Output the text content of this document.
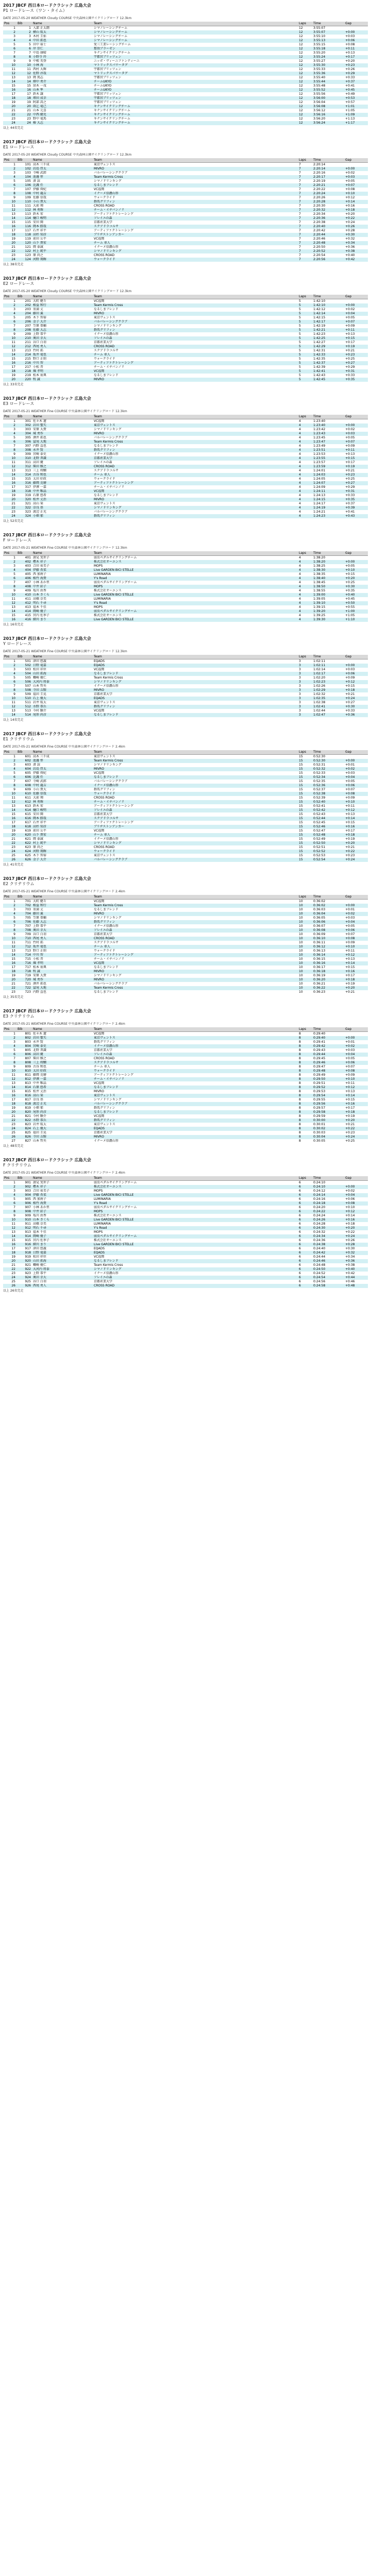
2017 JBCF 西日本ロードクラシック 広島大会
P1 ロードレース（ワン・タイム）
DATE 2017-05-20 WEATHER Cloudy COURSE 中央森林公園サイクリングロード 12.3km
Pos	Bib	Name	Team	Laps	Time	Gap
1	1	入部 正太朗	シマノレーシングチーム	12	3:55:07	
2	2	横山 航太	シマノレーシングチーム	12	3:55:07	+0:00
3	3	木村 圭佑	シマノレーシングチーム	12	3:55:10	+0:03
4	4	中田 拓也	シマノレーシングチーム	12	3:55:13	+0:06
5	5	田中 裕士	愛三工業レーシングチーム	12	3:55:15	+0:08
6	6	岸 崇仁	那須ブラーゼン	12	3:55:18	+0:11
7	7	中島 康晴	キナンサイクリングチーム	12	3:55:20	+0:13
8	8	小野寺 玲	宇都宮ブリッツェン	12	3:55:24	+0:17
9	9	中根 英登	ニッポ・ヴィーニファンティーニ	12	3:55:27	+0:20
10	10	小林 海	マトリックスパワータグ	12	3:55:30	+0:23
11	11	西村 大輝	宇都宮ブリッツェン	12	3:55:33	+0:26
12	12	佐野 淳哉	マトリックスパワータグ	12	3:55:36	+0:29
13	13	岡 篤志	宇都宮ブリッツェン	12	3:55:40	+0:33
14	14	畑中 勇介	チームUKYO	12	3:55:44	+0:37
15	15	窪木 一茂	チームUKYO	12	3:55:48	+0:41
16	16	山本 隼	チームUKYO	12	3:55:52	+0:45
17	17	鈴木 譲	宇都宮ブリッツェン	12	3:55:56	+0:49
18	18	増田 成幸	宇都宮ブリッツェン	12	3:56:00	+0:53
19	19	阿部 嵩之	宇都宮ブリッツェン	12	3:56:04	+0:57
20	20	雨乞 竜己	キナンサイクリングチーム	12	3:56:08	+1:01
21	21	山本 元喜	キナンサイクリングチーム	12	3:56:12	+1:05
22	22	中西 健児	キナンサイクリングチーム	12	3:56:16	+1:09
23	23	野中 竜馬	キナンサイクリングチーム	12	3:56:20	+1:13
24	24	椿 大志	キナンサイクリングチーム	12	3:56:24	+1:17
以上 44名完走
2017 JBCF 西日本ロードクラシック 広島大会
E1 ロードレース
DATE 2017-05-20 WEATHER Cloudy COURSE 中央森林公園サイクリングロード 12.3km
Pos	Bib	Name	Team	Laps	Time	Gap
1	101	高木 三千成	東京ヴェントス	7	2:20:14	
2	102	岩島 啓太	MIVRO	7	2:20:14	+0:00
3	103	寺崎 武郎	バルバレーシングクラブ	7	2:20:16	+0:02
4	104	池邊 惇	Team Kermis Cross	7	2:20:17	+0:03
5	105	湊 諒	シマノドリンキング	7	2:20:19	+0:05
6	106	比護 任	なるしまフレンド	7	2:20:21	+0:07
7	107	伊藤 舜紀	VC福岡	7	2:20:22	+0:08
8	108	中村 龍吉	イナーメ信濃山形	7	2:20:24	+0:10
9	109	佐藤 信哉	ウォークライド	7	2:20:26	+0:12
10	110	小山 貴大	群馬グリフィン	7	2:20:28	+0:14
11	111	大前 翔	CROSS ROAD	7	2:20:30	+0:16
12	112	林 勇輝	チーム・イチバンノリ	7	2:20:32	+0:18
13	113	鈴木 宏	アーティファクトレーシング	7	2:20:34	+0:20
14	114	樋口 峻明	ソレイユの森	7	2:20:36	+0:22
15	115	安田 開	京都産業大学	7	2:20:38	+0:24
16	116	岡本 勝哉	スクアドラコルサ	7	2:20:40	+0:26
17	117	石井 祥平	アーティファクトレーシング	7	2:20:42	+0:28
18	118	高杉 知彦	ブリヂストンアンカー	7	2:20:44	+0:30
19	119	前田 公平	VC福岡	7	2:20:46	+0:32
20	120	山下 貴宏	チーム 車人	7	2:20:48	+0:34
21	121	岡 泰誠	イナーメ信濃山形	7	2:20:50	+0:36
22	122	村上 純平	シマノドリンキング	7	2:20:52	+0:38
23	123	原 尚之	CROSS ROAD	7	2:20:54	+0:40
24	124	河野 翔輝	ウォークライド	7	2:20:56	+0:42
以上 38名完走
2017 JBCF 西日本ロードクラシック 広島大会
E2 ロードレース
DATE 2017-05-20 WEATHER Cloudy COURSE 中央森林公園サイクリングロード 12.3km
Pos	Bib	Name	Team	Laps	Time	Gap
1	201	大町 健斗	VC福岡	5	1:42:10	
2	202	植益 和行	Team Kermis Cross	5	1:42:10	+0:00
3	203	重満 丈	なるしまフレンド	5	1:42:12	+0:02
4	204	藤田 翼	MIVRO	5	1:42:14	+0:04
5	205	木下 智裕	東京ヴェントス	5	1:42:15	+0:05
6	206	金子 大介	バルバレーシングクラブ	5	1:42:17	+0:07
7	207	笠原 恭輔	シマノドリンキング	5	1:42:19	+0:09
8	208	佐藤 大志	群馬グリフィン	5	1:42:21	+0:11
9	209	上野 恭平	イナーメ信濃山形	5	1:42:23	+0:13
10	210	奥田 幸大	ソレイユの森	5	1:42:25	+0:15
11	211	谷口 白羽	京都産業大学	5	1:42:27	+0:17
12	212	西尾 勇人	CROSS ROAD	5	1:42:29	+0:19
13	213	竹村 拓	スクアドラコルサ	5	1:42:31	+0:21
14	214	坂井 竜也	チーム 車人	5	1:42:33	+0:23
15	215	野口 正則	ウォークライド	5	1:42:35	+0:25
16	216	中川 智	アーティファクトレーシング	5	1:42:37	+0:27
17	217	小松 晋	チーム・イチバンノリ	5	1:42:39	+0:29
18	218	堀 孝明	VC福岡	5	1:42:41	+0:31
19	219	松本 祐典	なるしまフレンド	5	1:42:43	+0:33
20	220	牧 誠	MIVRO	5	1:42:45	+0:35
以上 33名完走
2017 JBCF 西日本ロードクラシック 広島大会
E3 ロードレース
DATE 2017-05-21 WEATHER Fine COURSE 中央森林公園サイクリングロード 12.3km
Pos	Bib	Name	Team	Laps	Time	Gap
1	301	佐々木 遼	VC福岡	4	1:23:40	
2	302	岩田 聖矢	東京ヴェントス	4	1:23:40	+0:00
3	303	安原 大貴	シマノドリンキング	4	1:23:42	+0:02
4	304	城 勇作	MIVRO	4	1:23:43	+0:03
5	305	酒井 拓也	バルバレーシングクラブ	4	1:23:45	+0:05
6	306	冨尾 大地	Team Kermis Cross	4	1:23:47	+0:07
7	307	内野 直也	なるしまフレンド	4	1:23:49	+0:09
8	308	永井 賢	群馬グリフィン	4	1:23:51	+0:11
9	309	宮崎 泰史	イナーメ信濃山形	4	1:23:53	+0:13
10	310	北野 普識	京都産業大学	4	1:23:55	+0:15
11	311	高田 慶	ソレイユの森	4	1:23:57	+0:17
12	312	柴田 雅之	CROSS ROAD	4	1:23:59	+0:19
13	313	三上 将醐	スクアドラコルサ	4	1:24:01	+0:21
14	314	古谷 和也	チーム 車人	4	1:24:03	+0:23
15	315	太田 好政	ウォークライド	4	1:24:05	+0:25
16	316	藤岡 克磨	アーティファクトレーシング	4	1:24:07	+0:27
17	317	伊澤 一嘉	チーム・イチバンノリ	4	1:24:09	+0:29
18	318	中井 唯晶	VC福岡	4	1:24:11	+0:31
19	319	石原 悠希	なるしまフレンド	4	1:24:13	+0:33
20	320	松井 丈治	MIVRO	4	1:24:15	+0:35
21	321	高山 栞	東京ヴェントス	4	1:24:17	+0:37
22	322	奈良 基	シマノドリンキング	4	1:24:19	+0:39
23	323	渡辺 正光	バルバレーシングクラブ	4	1:24:21	+0:41
24	324	小畑 郁	群馬グリフィン	4	1:24:23	+0:43
以上 52名完走
2017 JBCF 西日本ロードクラシック 広島大会
F ロードレース
DATE 2017-05-21 WEATHER Fine COURSE 中央森林公園サイクリングロード 12.3km
Pos	Bib	Name	Team	Laps	Time	Gap
1	401	唐見 実世子	弱虫ペダルサイクリングチーム	4	1:38:20	
2	402	樫木 祥子	株式会社オーエンス	4	1:38:20	+0:00
3	403	合田 祐美子	MOPS	4	1:38:25	+0:05
4	404	伊藤 杏菜	Live GARDEN BICI STELLE	4	1:38:30	+0:10
5	405	西 加南子	LUMINARIA	4	1:38:35	+0:15
6	406	植竹 海貴	Y's Road	4	1:38:40	+0:20
7	407	小林 あか里	弱虫ペダルサイクリングチーム	4	1:38:45	+0:25
8	408	中井 彩子	MOPS	4	1:38:50	+0:30
9	409	塩川 由香	株式会社オーエンス	4	1:38:55	+0:35
10	410	山本 さくら	Live GARDEN BICI STELLE	4	1:39:00	+0:40
11	411	高橋 奈美	LUMINARIA	4	1:39:05	+0:45
12	412	明石 千尋	Y's Road	4	1:39:10	+0:50
13	413	福本 千佳	MOPS	4	1:39:15	+0:55
14	414	岡崎 優子	弱虫ペダルサイクリングチーム	4	1:39:20	+1:00
15	415	宮内 佐季子	株式会社オーエンス	4	1:39:25	+1:05
16	416	細川 まり	Live GARDEN BICI STELLE	4	1:39:30	+1:10
以上 16名完走
2017 JBCF 西日本ロードクラシック 広島大会
Y ロードレース
DATE 2017-05-21 WEATHER Fine COURSE 中央森林公園サイクリングロード 12.3km
Pos	Bib	Name	Team	Laps	Time	Gap
1	501	津田 悠義	EQADS	3	1:02:11	
2	502	日野 竜嘉	EQADS	3	1:02:11	+0:00
3	503	松田 祥位	VC福岡	3	1:02:14	+0:03
4	504	山田 拓海	なるしまフレンド	3	1:02:17	+0:06
5	505	蠣崎 優仁	Team Kermis Cross	3	1:02:20	+0:09
6	506	大河内 将泰	シマノドリンキング	3	1:02:23	+0:12
7	507	山本 哲央	イナーメ信濃山形	3	1:02:26	+0:15
8	508	寺田 吉騎	MIVRO	3	1:02:29	+0:18
9	509	福田 圭晃	京都産業大学	3	1:02:32	+0:21
10	510	石上 優大	EQADS	3	1:02:35	+0:24
11	511	岩井 航太	東京ヴェントス	3	1:02:38	+0:27
12	512	水野 恭兵	群馬グリフィン	3	1:02:41	+0:30
13	513	今村 駿介	VC福岡	3	1:02:44	+0:33
14	514	尾形 尚彦	なるしまフレンド	3	1:02:47	+0:36
以上 14名完走
2017 JBCF 西日本ロードクラシック 広島大会
E1 クリテリウム
DATE 2017-05-21 WEATHER Fine COURSE 中央森林公園サイクリングロード 2.4km
Pos	Bib	Name	Team	Laps	Time	Gap
1	601	高木 三千成	東京ヴェントス	15	0:52:30	
2	602	池邊 惇	Team Kermis Cross	15	0:52:30	+0:00
3	603	湊 諒	シマノドリンキング	15	0:52:31	+0:01
4	604	岩島 啓太	MIVRO	15	0:52:32	+0:02
5	605	伊藤 舜紀	VC福岡	15	0:52:33	+0:03
6	606	比護 任	なるしまフレンド	15	0:52:34	+0:04
7	607	寺崎 武郎	バルバレーシングクラブ	15	0:52:35	+0:05
8	608	中村 龍吉	イナーメ信濃山形	15	0:52:36	+0:06
9	609	小山 貴大	群馬グリフィン	15	0:52:37	+0:07
10	610	佐藤 信哉	ウォークライド	15	0:52:38	+0:08
11	611	大前 翔	CROSS ROAD	15	0:52:39	+0:09
12	612	林 勇輝	チーム・イチバンノリ	15	0:52:40	+0:10
13	613	鈴木 宏	アーティファクトレーシング	15	0:52:41	+0:11
14	614	樋口 峻明	ソレイユの森	15	0:52:42	+0:12
15	615	安田 開	京都産業大学	15	0:52:43	+0:13
16	616	岡本 勝哉	スクアドラコルサ	15	0:52:44	+0:14
17	617	石井 祥平	アーティファクトレーシング	15	0:52:45	+0:15
18	618	高杉 知彦	ブリヂストンアンカー	15	0:52:46	+0:16
19	619	前田 公平	VC福岡	15	0:52:47	+0:17
20	620	山下 貴宏	チーム 車人	15	0:52:48	+0:18
21	621	岡 泰誠	イナーメ信濃山形	15	0:52:49	+0:19
22	622	村上 純平	シマノドリンキング	15	0:52:50	+0:20
23	623	原 尚之	CROSS ROAD	15	0:52:51	+0:21
24	624	河野 翔輝	ウォークライド	15	0:52:52	+0:22
25	625	木下 智裕	東京ヴェントス	15	0:52:53	+0:23
26	626	金子 大介	バルバレーシングクラブ	15	0:52:54	+0:24
以上 41名完走
2017 JBCF 西日本ロードクラシック 広島大会
E2 クリテリウム
DATE 2017-05-21 WEATHER Fine COURSE 中央森林公園サイクリングロード 2.4km
Pos	Bib	Name	Team	Laps	Time	Gap
1	701	大町 健斗	VC福岡	10	0:36:02	
2	702	植益 和行	Team Kermis Cross	10	0:36:02	+0:00
3	703	重満 丈	なるしまフレンド	10	0:36:03	+0:01
4	704	藤田 翼	MIVRO	10	0:36:04	+0:02
5	705	笠原 恭輔	シマノドリンキング	10	0:36:05	+0:03
6	706	佐藤 大志	群馬グリフィン	10	0:36:06	+0:04
7	707	上野 恭平	イナーメ信濃山形	10	0:36:07	+0:05
8	708	奥田 幸大	ソレイユの森	10	0:36:08	+0:06
9	709	谷口 白羽	京都産業大学	10	0:36:09	+0:07
10	710	西尾 勇人	CROSS ROAD	10	0:36:10	+0:08
11	711	竹村 拓	スクアドラコルサ	10	0:36:11	+0:09
12	712	坂井 竜也	チーム 車人	10	0:36:12	+0:10
13	713	野口 正則	ウォークライド	10	0:36:13	+0:11
14	714	中川 智	アーティファクトレーシング	10	0:36:14	+0:12
15	715	小松 晋	チーム・イチバンノリ	10	0:36:15	+0:13
16	716	堀 孝明	VC福岡	10	0:36:16	+0:14
17	717	松本 祐典	なるしまフレンド	10	0:36:17	+0:15
18	718	牧 誠	MIVRO	10	0:36:18	+0:16
19	719	安原 大貴	シマノドリンキング	10	0:36:19	+0:17
20	720	城 勇作	MIVRO	10	0:36:20	+0:18
21	721	酒井 拓也	バルバレーシングクラブ	10	0:36:21	+0:19
22	722	冨尾 大地	Team Kermis Cross	10	0:36:22	+0:20
23	723	内野 直也	なるしまフレンド	10	0:36:23	+0:21
以上 35名完走
2017 JBCF 西日本ロードクラシック 広島大会
E3 クリテリウム
DATE 2017-05-21 WEATHER Fine COURSE 中央森林公園サイクリングロード 2.4km
Pos	Bib	Name	Team	Laps	Time	Gap
1	801	佐々木 遼	VC福岡	8	0:29:40	
2	802	岩田 聖矢	東京ヴェントス	8	0:29:40	+0:00
3	803	永井 賢	群馬グリフィン	8	0:29:41	+0:01
4	804	宮崎 泰史	イナーメ信濃山形	8	0:29:42	+0:02
5	805	北野 普識	京都産業大学	8	0:29:43	+0:03
6	806	高田 慶	ソレイユの森	8	0:29:44	+0:04
7	807	柴田 雅之	CROSS ROAD	8	0:29:45	+0:05
8	808	三上 将醐	スクアドラコルサ	8	0:29:46	+0:06
9	809	古谷 和也	チーム 車人	8	0:29:47	+0:07
10	810	太田 好政	ウォークライド	8	0:29:48	+0:08
11	811	藤岡 克磨	アーティファクトレーシング	8	0:29:49	+0:09
12	812	伊澤 一嘉	チーム・イチバンノリ	8	0:29:50	+0:10
13	813	中井 唯晶	VC福岡	8	0:29:51	+0:11
14	814	石原 悠希	なるしまフレンド	8	0:29:52	+0:12
15	815	松井 丈治	MIVRO	8	0:29:53	+0:13
16	816	高山 栞	東京ヴェントス	8	0:29:54	+0:14
17	817	奈良 基	シマノドリンキング	8	0:29:55	+0:15
18	818	渡辺 正光	バルバレーシングクラブ	8	0:29:56	+0:16
19	819	小畑 郁	群馬グリフィン	8	0:29:57	+0:17
20	820	尾形 尚彦	なるしまフレンド	8	0:29:58	+0:18
21	821	今村 駿介	VC福岡	8	0:29:59	+0:19
22	822	水野 恭兵	群馬グリフィン	8	0:30:00	+0:20
23	823	岩井 航太	東京ヴェントス	8	0:30:01	+0:21
24	824	石上 優大	EQADS	8	0:30:02	+0:22
25	825	福田 圭晃	京都産業大学	8	0:30:03	+0:23
26	826	寺田 吉騎	MIVRO	8	0:30:04	+0:24
27	827	山本 哲央	イナーメ信濃山形	8	0:30:05	+0:25
以上 48名完走
2017 JBCF 西日本ロードクラシック 広島大会
F クリテリウム
DATE 2017-05-21 WEATHER Fine COURSE 中央森林公園サイクリングロード 2.4km
Pos	Bib	Name	Team	Laps	Time	Gap
1	901	唐見 実世子	弱虫ペダルサイクリングチーム	6	0:24:10	
2	902	樫木 祥子	株式会社オーエンス	6	0:24:10	+0:00
3	903	合田 祐美子	MOPS	6	0:24:12	+0:02
4	904	伊藤 杏菜	Live GARDEN BICI STELLE	6	0:24:14	+0:04
5	905	西 加南子	LUMINARIA	6	0:24:16	+0:06
6	906	植竹 海貴	Y's Road	6	0:24:18	+0:08
7	907	小林 あか里	弱虫ペダルサイクリングチーム	6	0:24:20	+0:10
8	908	中井 彩子	MOPS	6	0:24:22	+0:12
9	909	塩川 由香	株式会社オーエンス	6	0:24:24	+0:14
10	910	山本 さくら	Live GARDEN BICI STELLE	6	0:24:26	+0:16
11	911	高橋 奈美	LUMINARIA	6	0:24:28	+0:18
12	912	明石 千尋	Y's Road	6	0:24:30	+0:20
13	913	福本 千佳	MOPS	6	0:24:32	+0:22
14	914	岡崎 優子	弱虫ペダルサイクリングチーム	6	0:24:34	+0:24
15	915	宮内 佐季子	株式会社オーエンス	6	0:24:36	+0:26
16	916	細川 まり	Live GARDEN BICI STELLE	6	0:24:38	+0:28
17	917	津田 悠義	EQADS	6	0:24:40	+0:30
18	918	日野 竜嘉	EQADS	6	0:24:42	+0:32
19	919	松田 祥位	VC福岡	6	0:24:44	+0:34
20	920	山田 拓海	なるしまフレンド	6	0:24:46	+0:36
21	921	蠣崎 優仁	Team Kermis Cross	6	0:24:48	+0:38
22	922	大河内 将泰	シマノドリンキング	6	0:24:50	+0:40
23	923	上野 恭平	イナーメ信濃山形	6	0:24:52	+0:42
24	924	奥田 幸大	ソレイユの森	6	0:24:54	+0:44
25	925	谷口 白羽	京都産業大学	6	0:24:56	+0:46
26	926	西尾 勇人	CROSS ROAD	6	0:24:58	+0:48
以上 26名完走
